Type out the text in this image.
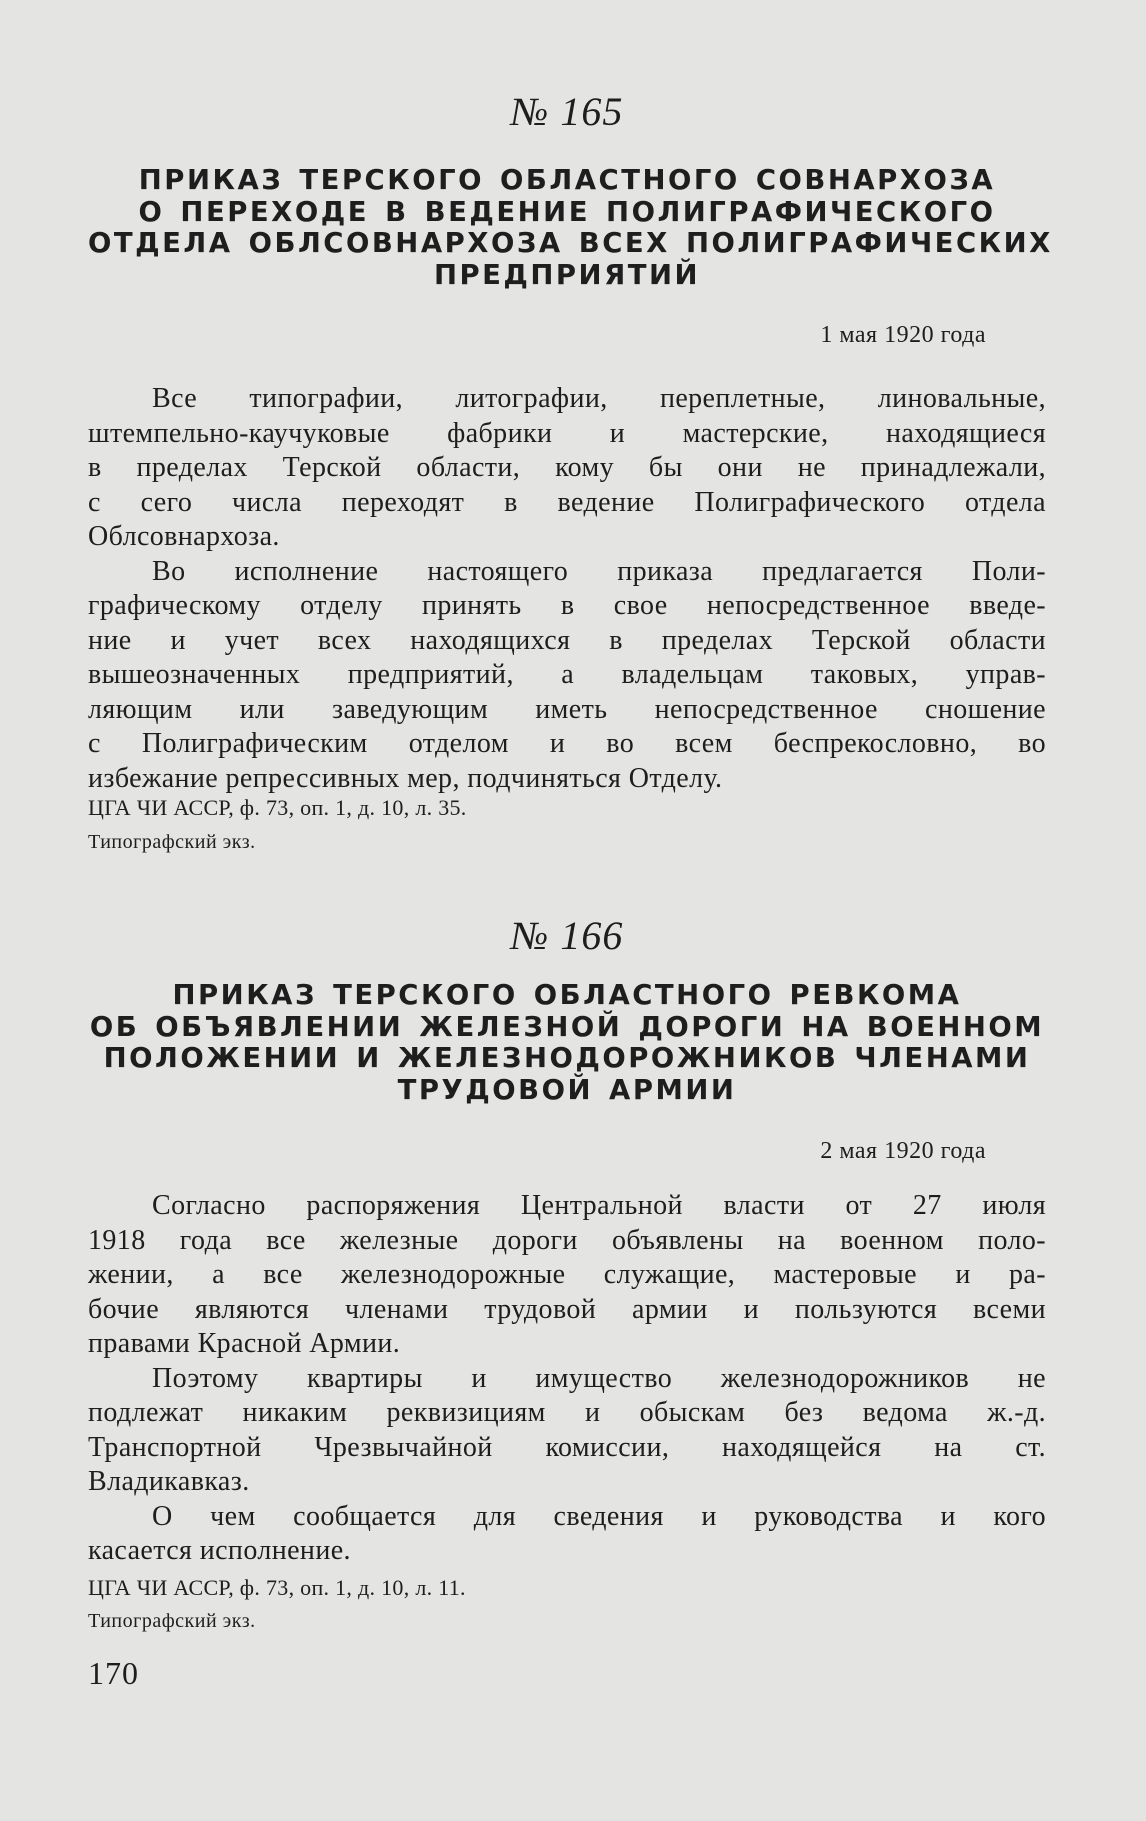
№ 165
ПРИКАЗ ТЕРСКОГО ОБЛАСТНОГО СОВНАРХОЗА
О ПЕРЕХОДЕ В ВЕДЕНИЕ ПОЛИГРАФИЧЕСКОГО
ОТДЕЛА ОБЛСОВНАРХОЗА ВСЕХ ПОЛИГРАФИЧЕСКИХ
ПРЕДПРИЯТИЙ
1 мая 1920 года
Все типографии, литографии, переплетные, линовальные,
штемпельно-каучуковые фабрики и мастерские, находящиеся
в пределах Терской области, кому бы они не принадлежали,
с сего числа переходят в ведение Полиграфического отдела
Облсовнархоза.
Во исполнение настоящего приказа предлагается Поли-
графическому отделу принять в свое непосредственное введе-
ние и учет всех находящихся в пределах Терской области
вышеозначенных предприятий, а владельцам таковых, управ-
ляющим или заведующим иметь непосредственное сношение
с Полиграфическим отделом и во всем беспрекословно, во
избежание репрессивных мер, подчиняться Отделу.
ЦГА ЧИ АССР, ф. 73, оп. 1, д. 10, л. 35.
Типографский экз.
№ 166
ПРИКАЗ ТЕРСКОГО ОБЛАСТНОГО РЕВКОМА
ОБ ОБЪЯВЛЕНИИ ЖЕЛЕЗНОЙ ДОРОГИ НА ВОЕННОМ
ПОЛОЖЕНИИ И ЖЕЛЕЗНОДОРОЖНИКОВ ЧЛЕНАМИ
ТРУДОВОЙ АРМИИ
2 мая 1920 года
Согласно распоряжения Центральной власти от 27 июля
1918 года все железные дороги объявлены на военном поло-
жении, а все железнодорожные служащие, мастеровые и ра-
бочие являются членами трудовой армии и пользуются всеми
правами Красной Армии.
Поэтому квартиры и имущество железнодорожников не
подлежат никаким реквизициям и обыскам без ведома ж.-д.
Транспортной Чрезвычайной комиссии, находящейся на ст.
Владикавказ.
О чем сообщается для сведения и руководства и кого
касается исполнение.
ЦГА ЧИ АССР, ф. 73, оп. 1, д. 10, л. 11.
Типографский экз.
170
